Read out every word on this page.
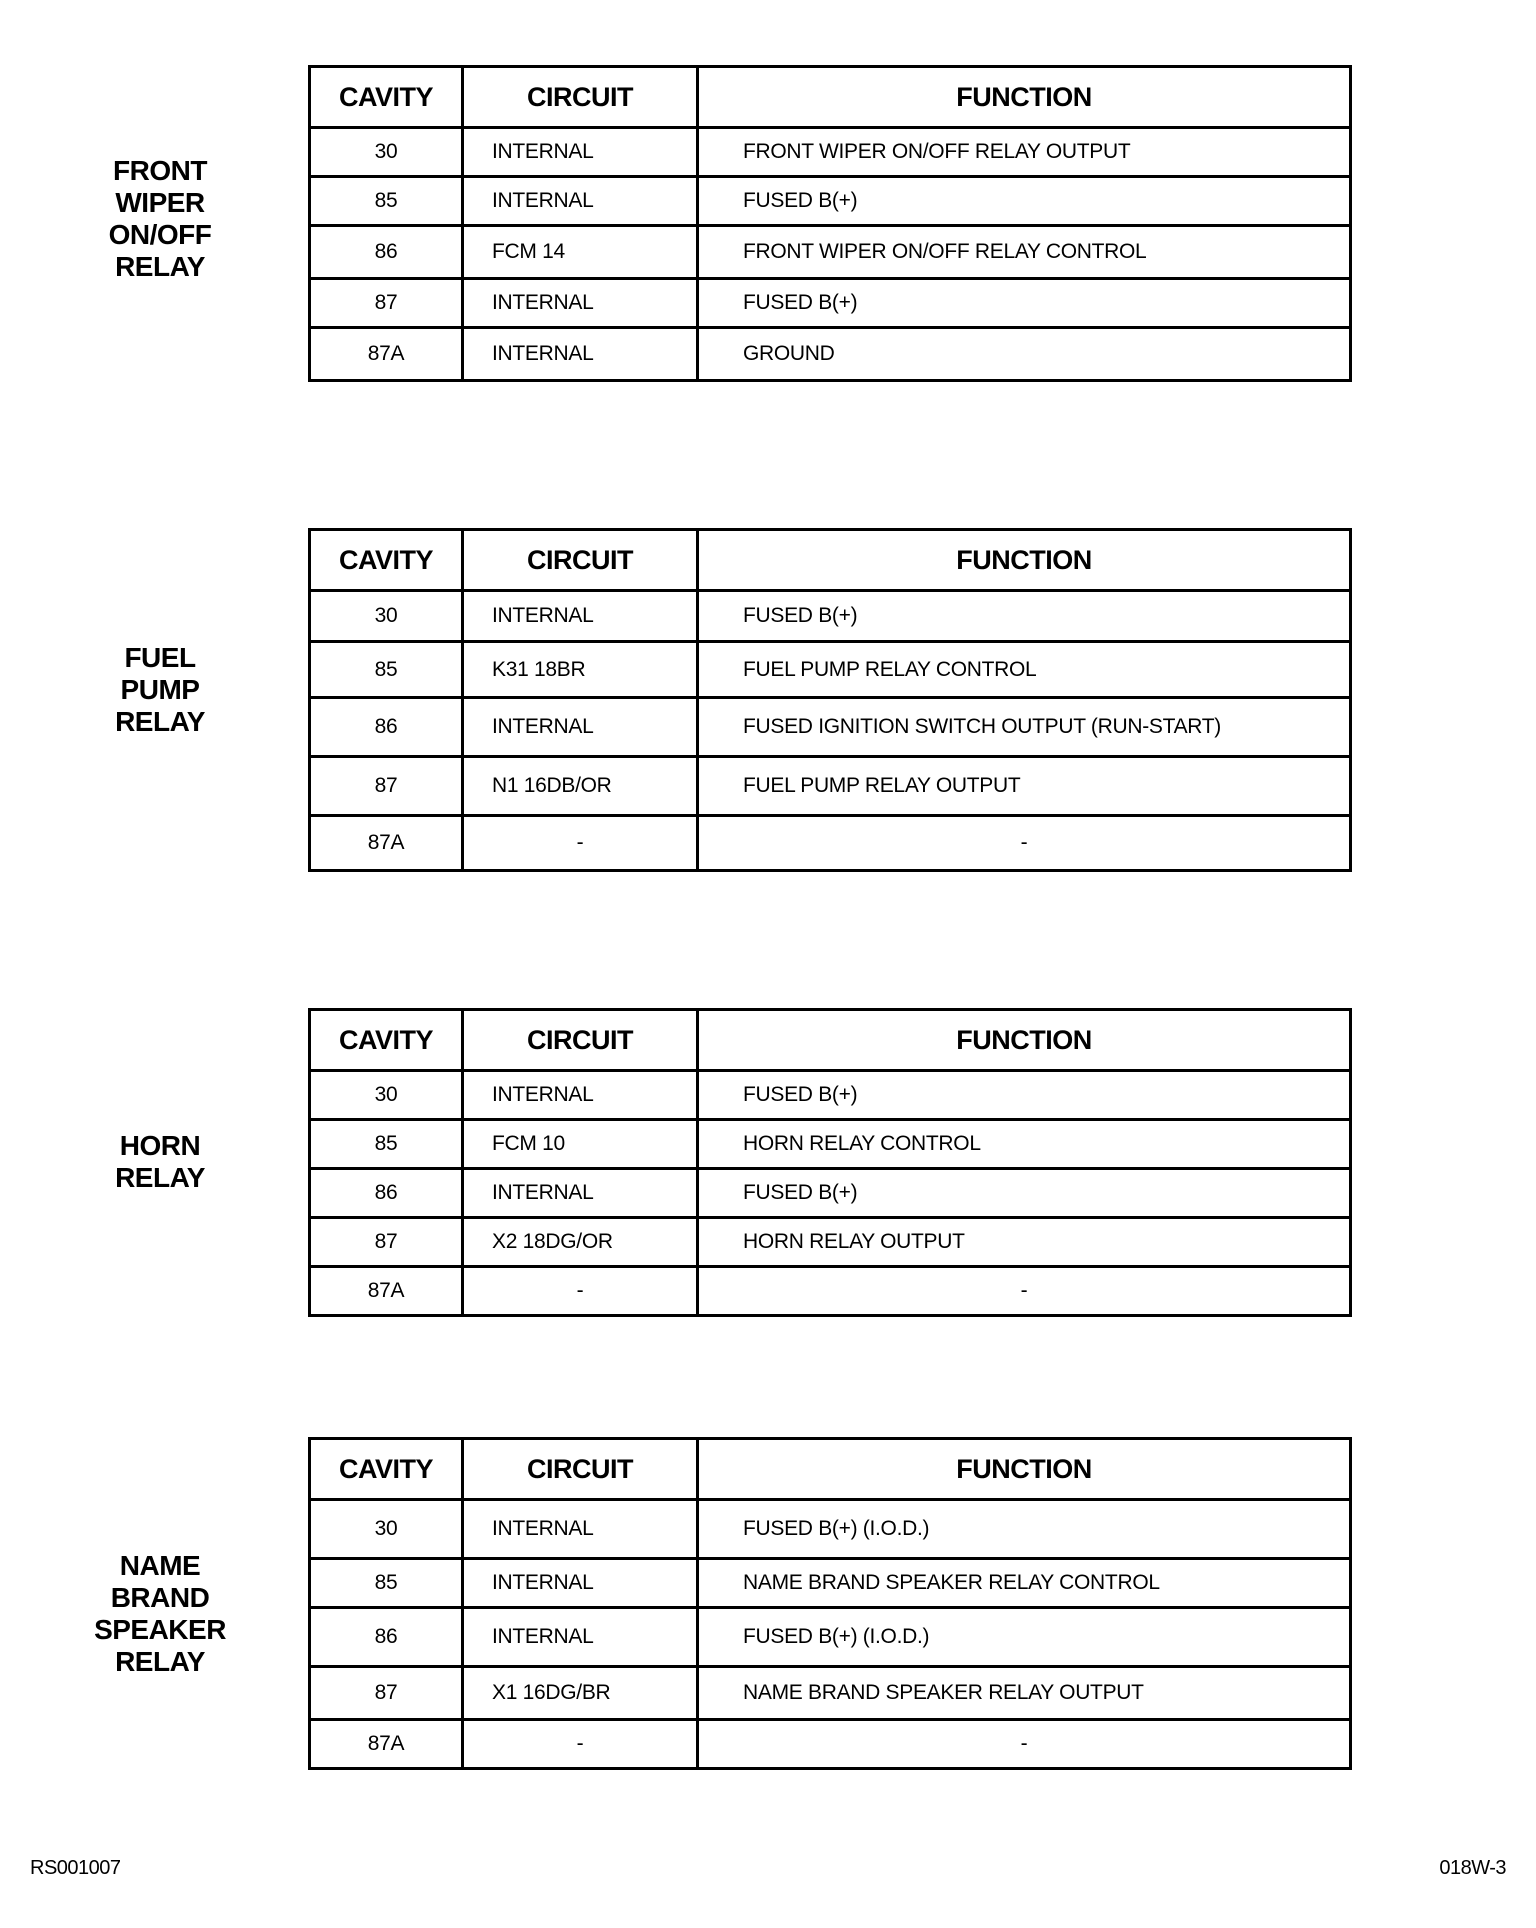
FRONT
WIPER
ON/OFF
RELAY
CAVITY	CIRCUIT	FUNCTION
30	INTERNAL	FRONT WIPER ON/OFF RELAY OUTPUT
85	INTERNAL	FUSED B(+)
86	FCM 14	FRONT WIPER ON/OFF RELAY CONTROL
87	INTERNAL	FUSED B(+)
87A	INTERNAL	GROUND
FUEL
PUMP
RELAY
CAVITY	CIRCUIT	FUNCTION
30	INTERNAL	FUSED B(+)
85	K31 18BR	FUEL PUMP RELAY CONTROL
86	INTERNAL	FUSED IGNITION SWITCH OUTPUT (RUN-START)
87	N1 16DB/OR	FUEL PUMP RELAY OUTPUT
87A	-	-
HORN
RELAY
CAVITY	CIRCUIT	FUNCTION
30	INTERNAL	FUSED B(+)
85	FCM 10	HORN RELAY CONTROL
86	INTERNAL	FUSED B(+)
87	X2 18DG/OR	HORN RELAY OUTPUT
87A	-	-
NAME
BRAND
SPEAKER
RELAY
CAVITY	CIRCUIT	FUNCTION
30	INTERNAL	FUSED B(+) (I.O.D.)
85	INTERNAL	NAME BRAND SPEAKER RELAY CONTROL
86	INTERNAL	FUSED B(+) (I.O.D.)
87	X1 16DG/BR	NAME BRAND SPEAKER RELAY OUTPUT
87A	-	-
RS001007	018W-3
